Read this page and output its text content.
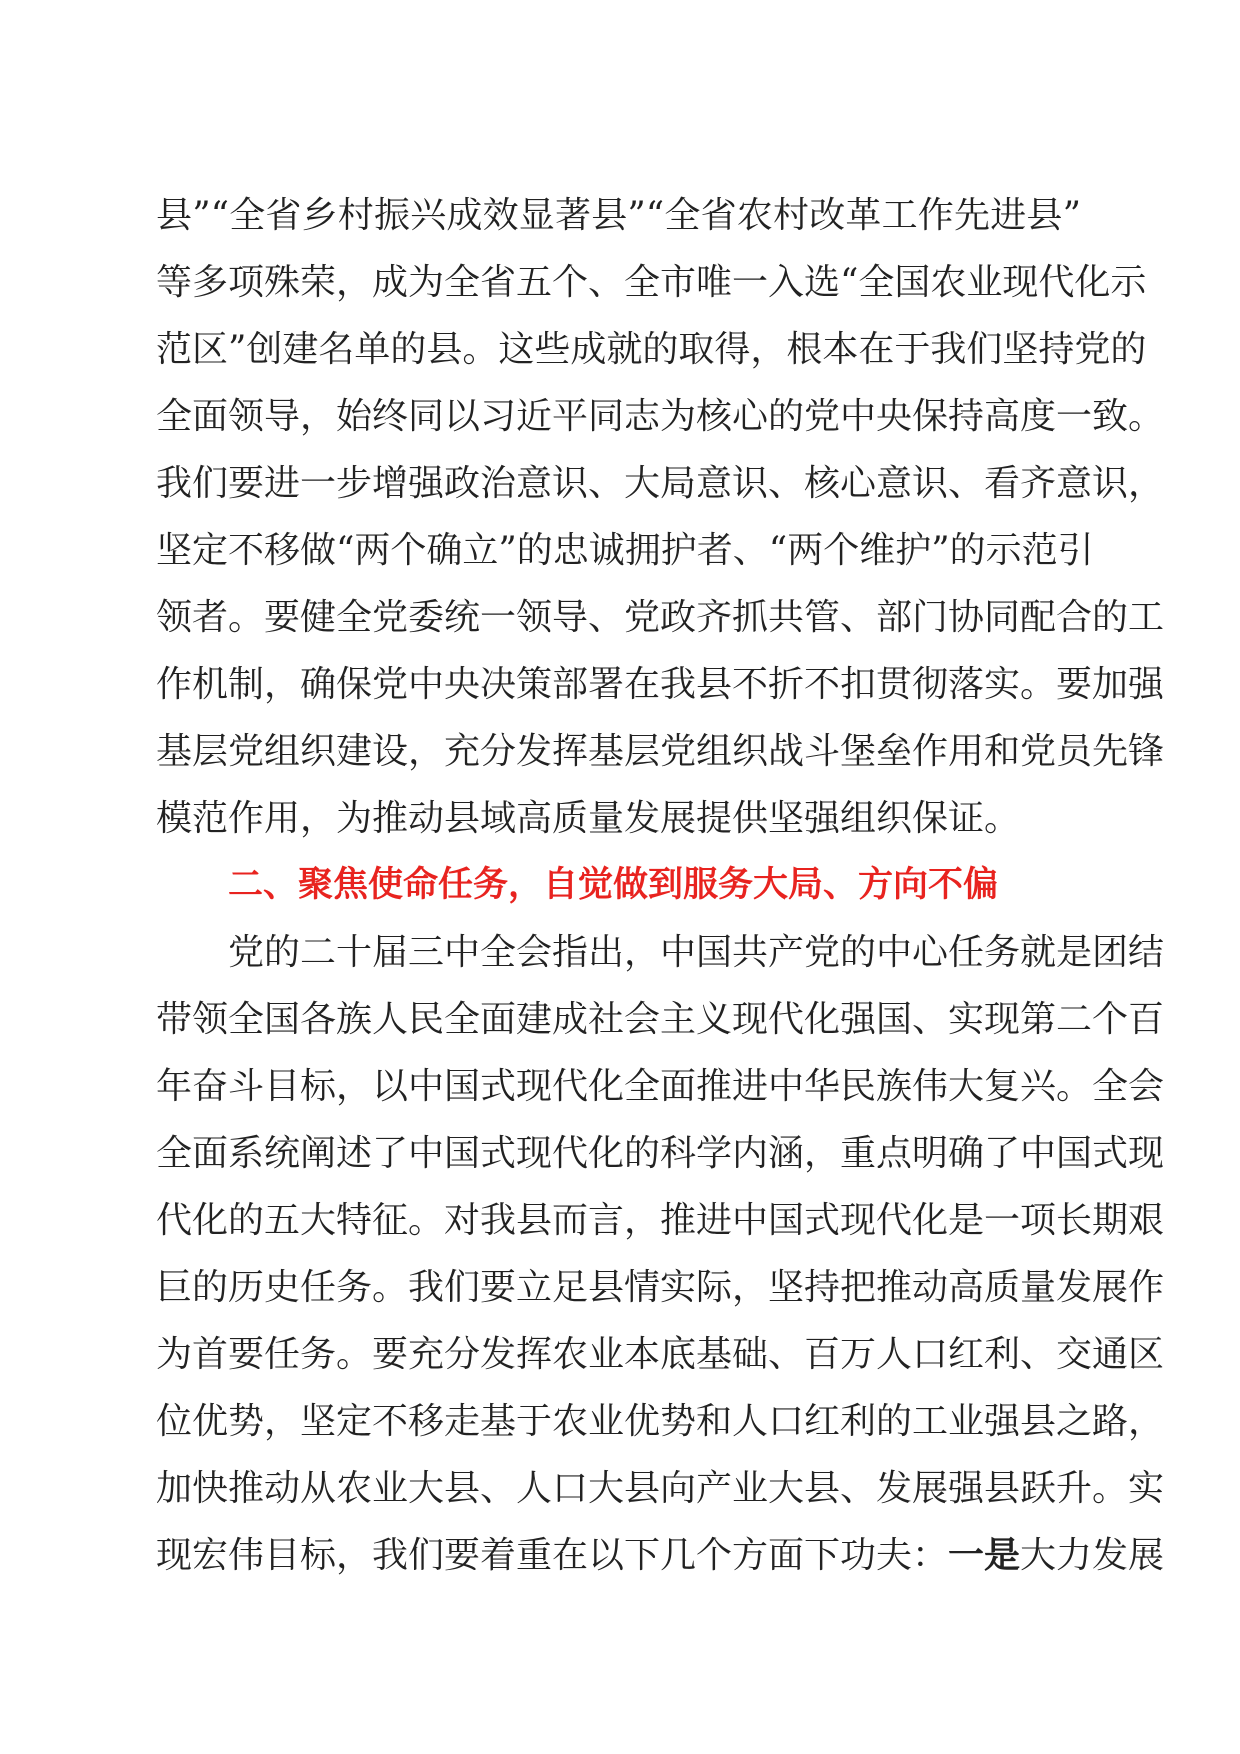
县”“全省乡村振兴成效显著县”“全省农村改革工作先进县”
等多项殊荣，成为全省五个、全市唯一入选“全国农业现代化示
范区”创建名单的县。这些成就的取得，根本在于我们坚持党的
全面领导，始终同以习近平同志为核心的党中央保持高度一致。
我们要进一步增强政治意识、大局意识、核心意识、看齐意识，
坚定不移做“两个确立”的忠诚拥护者、“两个维护”的示范引
领者。要健全党委统一领导、党政齐抓共管、部门协同配合的工
作机制，确保党中央决策部署在我县不折不扣贯彻落实。要加强
基层党组织建设，充分发挥基层党组织战斗堡垒作用和党员先锋
模范作用，为推动县域高质量发展提供坚强组织保证。
二、聚焦使命任务，自觉做到服务大局、方向不偏
党的二十届三中全会指出，中国共产党的中心任务就是团结
带领全国各族人民全面建成社会主义现代化强国、实现第二个百
年奋斗目标，以中国式现代化全面推进中华民族伟大复兴。全会
全面系统阐述了中国式现代化的科学内涵，重点明确了中国式现
代化的五大特征。对我县而言，推进中国式现代化是一项长期艰
巨的历史任务。我们要立足县情实际，坚持把推动高质量发展作
为首要任务。要充分发挥农业本底基础、百万人口红利、交通区
位优势，坚定不移走基于农业优势和人口红利的工业强县之路，
加快推动从农业大县、人口大县向产业大县、发展强县跃升。实
现宏伟目标，我们要着重在以下几个方面下功夫：一是大力发展
